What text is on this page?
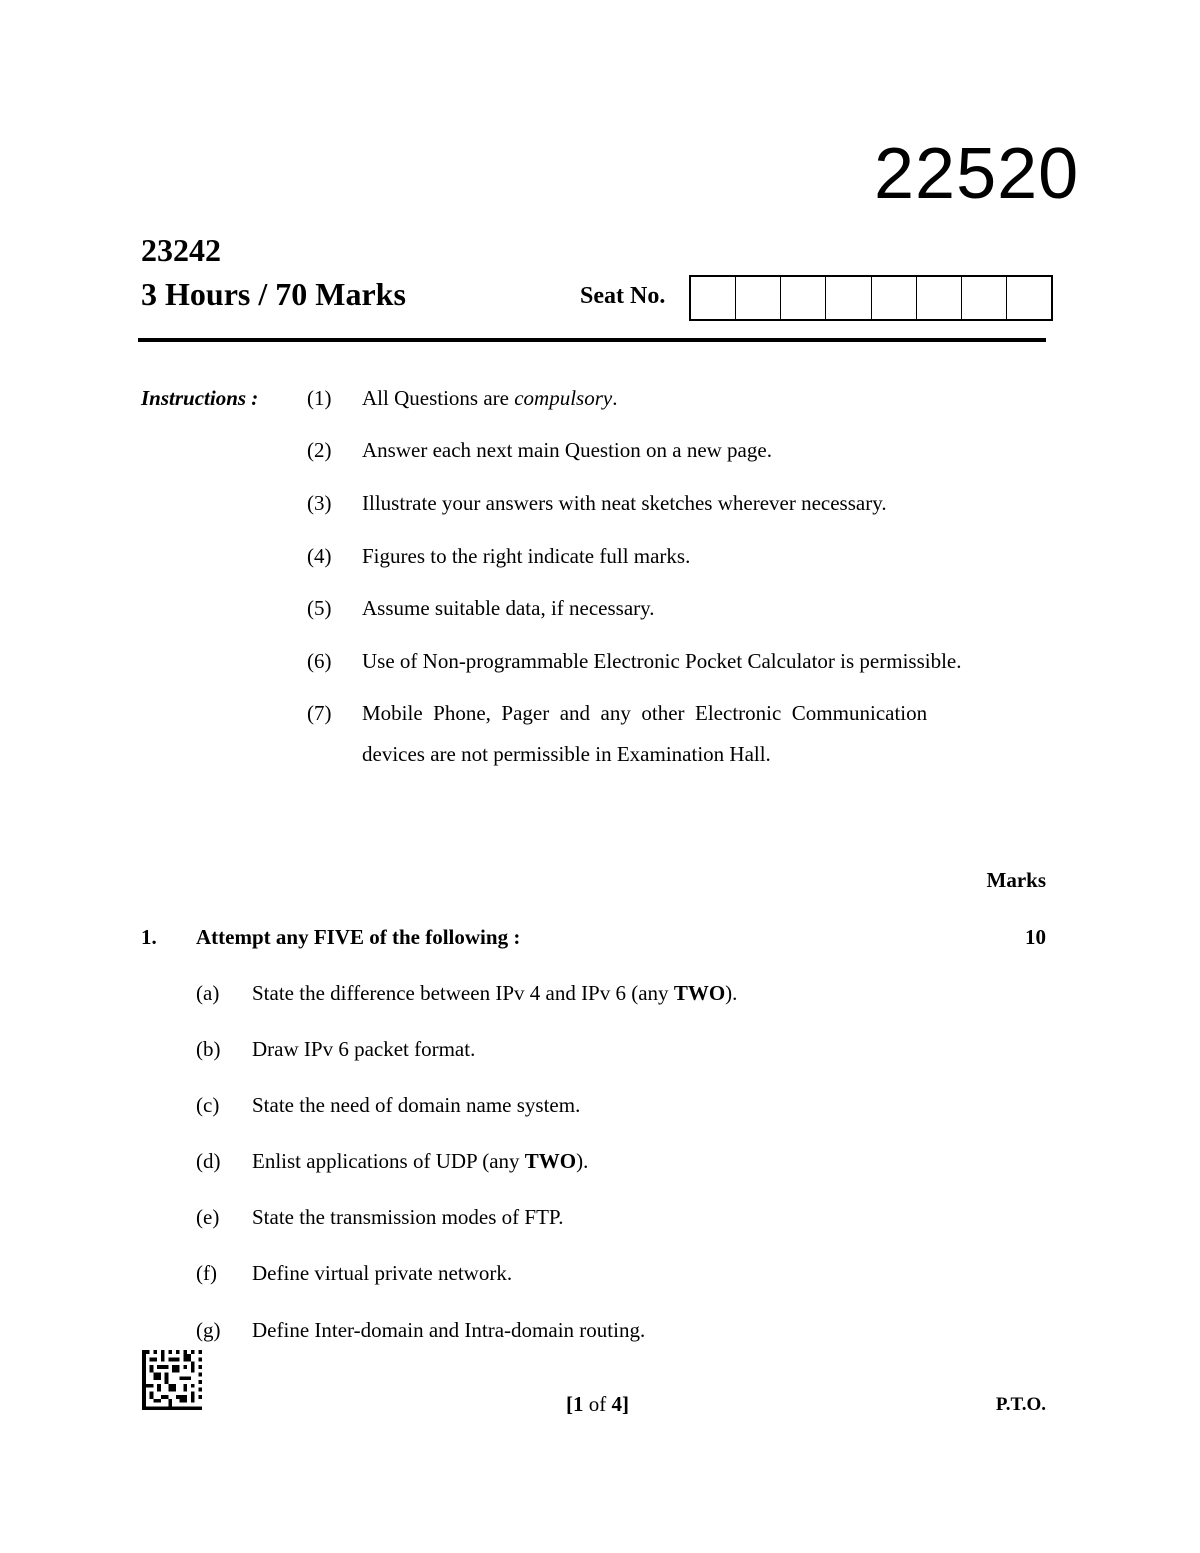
22520
23242
3 Hours / 70 Marks	Seat No.
Instructions : (1) All Questions are compulsory.
(2) Answer each next main Question on a new page.
(3) Illustrate your answers with neat sketches wherever necessary.
(4) Figures to the right indicate full marks.
(5) Assume suitable data, if necessary.
(6) Use of Non-programmable Electronic Pocket Calculator is permissible.
(7) Mobile  Phone,  Pager  and  any  other  Electronic  Communication
devices are not permissible in Examination Hall.
Marks
1. Attempt any FIVE of the following :	10
(a) State the difference between IPv 4 and IPv 6 (any TWO).
(b) Draw IPv 6 packet format.
(c) State the need of domain name system.
(d) Enlist applications of UDP (any TWO).
(e) State the transmission modes of FTP.
(f) Define virtual private network.
(g) Define Inter-domain and Intra-domain routing.
[1 of 4]	P.T.O.
